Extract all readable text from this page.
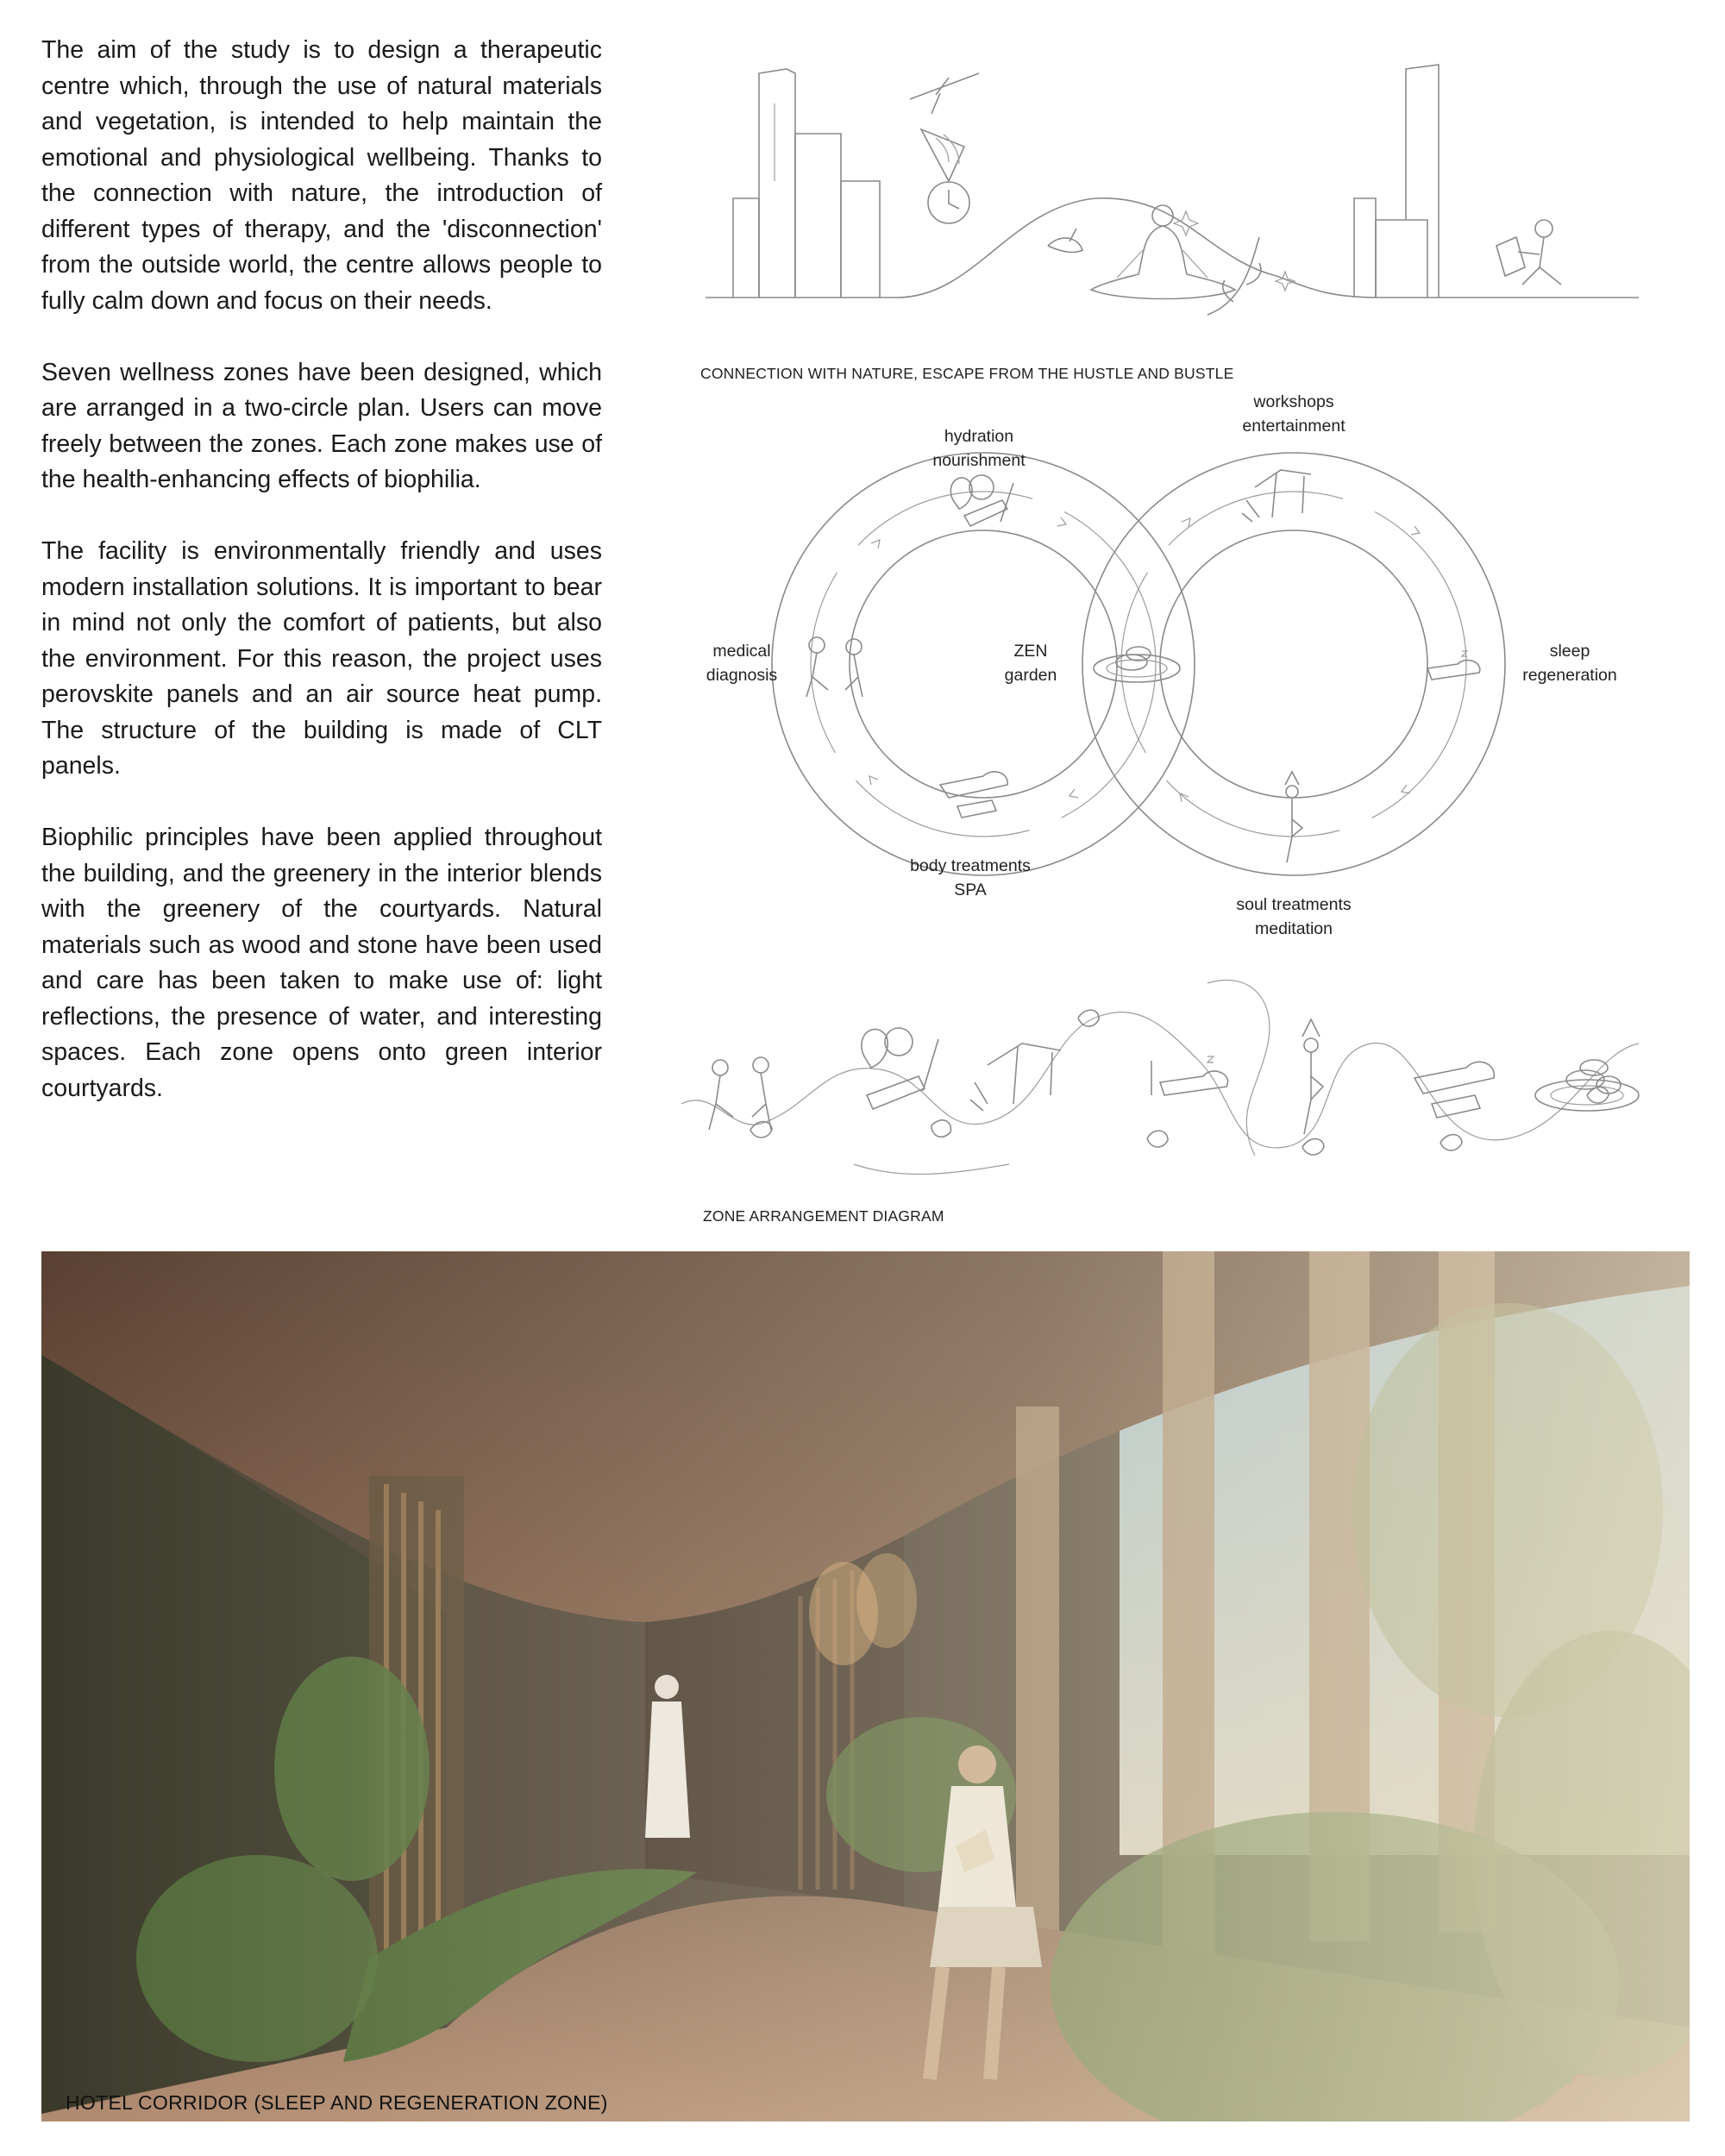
The aim of the study is to design a therapeutic centre which, through the use of natural materials and vegetation, is intended to help maintain the emotional and physiological wellbeing. Thanks to the connection with nature, the introduction of different types of therapy, and the 'disconnection' from the outside world, the centre allows people to fully calm down and focus on their needs.

Seven wellness zones have been designed, which are arranged in a two-circle plan. Users can move freely between the zones. Each zone makes use of the health-enhancing effects of biophilia.

The facility is environmentally friendly and uses modern installation solutions. It is important to bear in mind not only the comfort of patients, but also the environment. For this reason, the project uses perovskite panels and an air source heat pump. The structure of the building is made of CLT panels.

Biophilic principles have been applied throughout the building, and the greenery in the interior blends with the greenery of the courtyards. Natural materials such as wood and stone have been used and care has been taken to make use of: light reflections, the presence of water, and interesting spaces. Each zone opens onto green interior courtyards.

CONNECTION WITH NATURE, ESCAPE FROM THE HUSTLE AND BUSTLE
hydration
nourishment
workshops
entertainment
medical
diagnosis
ZEN
garden
sleep
regeneration
body treatments
SPA
soul treatments
meditation
ZONE ARRANGEMENT DIAGRAM
HOTEL CORRIDOR (SLEEP AND REGENERATION ZONE)
